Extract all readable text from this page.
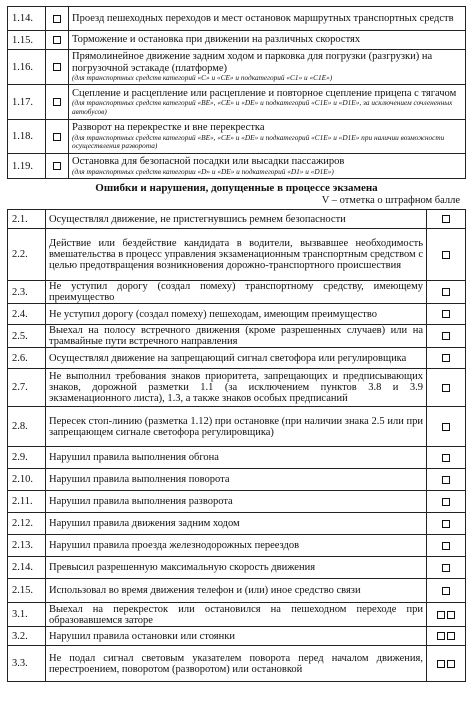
1.14.		Проезд пешеходных переходов и мест остановок маршрутных транспортных средств
1.15.		Торможение и остановка при движении на различных скоростях
1.16.		Прямолинейное движение задним ходом и парковка для погрузки (разгрузки) на погрузочной эстакаде (платформе)
(для транспортных средств категорий «С» и «СЕ» и подкатегорий «С1» и «С1Е»)

1.17.		Сцепление и расцепление или расцепление и повторное сцепление прицепа с тягачом
(для транспортных средств категорий «ВЕ», «СЕ» и «DE» и подкатегорий «С1Е» и «D1Е», за исключением сочлененных автобусов)

1.18.		Разворот на перекрестке и вне перекрестка
(для транспортных средств категорий «ВЕ», «СЕ» и «DE» и подкатегорий «С1Е» и «D1Е» при наличии возможности осуществления разворота)

1.19.		Остановка для безопасной посадки или высадки пассажиров
(для транспортных средств категории «D» и «DE» и подкатегорий «D1» и «D1Е»)
Ошибки и нарушения, допущенные в процессе экзамена
V – отметка о штрафном балле
2.1.	Осуществлял движение, не пристегнувшись ремнем безопасности	
2.2.	Действие или бездействие кандидата в водители, вызвавшее необходимость вмешательства в процесс управления экзаменационным транспортным средством с целью предотвращения возникновения дорожно-транспортного происшествия	
2.3.	Не уступил дорогу (создал помеху) транспортному средству, имеющему преимущество	
2.4.	Не уступил дорогу (создал помеху) пешеходам, имеющим преимущество	
2.5.	Выехал на полосу встречного движения (кроме разрешенных случаев) или на трамвайные пути встречного направления	
2.6.	Осуществлял движение на запрещающий сигнал светофора или регулировщика	
2.7.	Не выполнил требования знаков приоритета, запрещающих и предписывающих знаков, дорожной разметки 1.1 (за исключением пунктов 3.8 и 3.9 экзаменационного листа), 1.3, а также знаков особых предписаний	
2.8.	Пересек стоп-линию (разметка 1.12) при остановке (при наличии знака 2.5 или при запрещающем сигнале светофора регулировщика)	
2.9.	Нарушил правила выполнения обгона	
2.10.	Нарушил правила выполнения поворота	
2.11.	Нарушил правила выполнения разворота	
2.12.	Нарушил правила движения задним ходом	
2.13.	Нарушил правила проезда железнодорожных переездов	
2.14.	Превысил разрешенную максимальную скорость движения	
2.15.	Использовал во время движения телефон и (или) иное средство связи	
3.1.	Выехал на перекресток или остановился на пешеходном переходе при образовавшемся заторе	
3.2.	Нарушил правила остановки или стоянки	
3.3.	Не подал сигнал световым указателем поворота перед началом движения, перестроением, поворотом (разворотом) или остановкой	
